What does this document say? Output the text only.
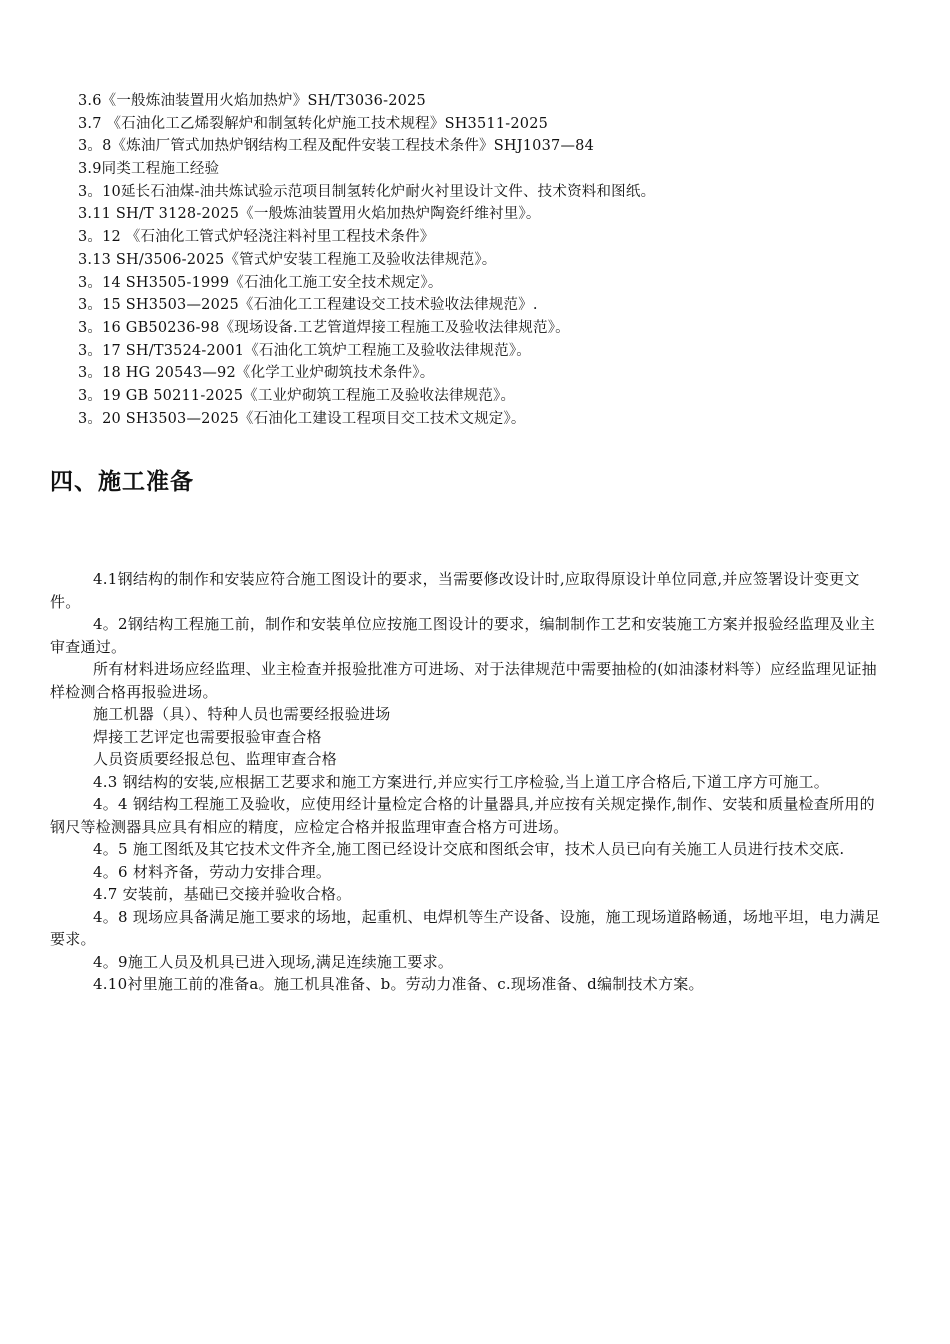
3.6《一般炼油装置用火焰加热炉》SH/T3036-2025
3.7 《石油化工乙烯裂解炉和制氢转化炉施工技术规程》SH3511-2025
3。8《炼油厂管式加热炉钢结构工程及配件安装工程技术条件》SHJ1037—84
3.9同类工程施工经验
3。10延长石油煤-油共炼试验示范项目制氢转化炉耐火衬里设计文件、技术资料和图纸。
3.11 SH/T 3128-2025《一般炼油装置用火焰加热炉陶瓷纤维衬里》。
3。12 《石油化工管式炉轻浇注料衬里工程技术条件》
3.13 SH/3506-2025《管式炉安装工程施工及验收法律规范》。
3。14 SH3505-1999《石油化工施工安全技术规定》。
3。15 SH3503—2025《石油化工工程建设交工技术验收法律规范》.
3。16 GB50236-98《现场设备.工艺管道焊接工程施工及验收法律规范》。
3。17 SH/T3524-2001《石油化工筑炉工程施工及验收法律规范》。
3。18 HG 20543—92《化学工业炉砌筑技术条件》。
3。19 GB 50211-2025《工业炉砌筑工程施工及验收法律规范》。
3。20 SH3503—2025《石油化工建设工程项目交工技术文规定》。
四、施工准备

4.1钢结构的制作和安装应符合施工图设计的要求，当需要修改设计时,应取得原设计单位同意,并应签署设计变更文件。

4。2钢结构工程施工前，制作和安装单位应按施工图设计的要求，编制制作工艺和安装施工方案并报验经监理及业主审查通过。

所有材料进场应经监理、业主检查并报验批准方可进场、对于法律规范中需要抽检的(如油漆材料等）应经监理见证抽样检测合格再报验进场。

施工机器（具）、特种人员也需要经报验进场

焊接工艺评定也需要报验审查合格

人员资质要经报总包、监理审查合格

4.3 钢结构的安装,应根据工艺要求和施工方案进行,并应实行工序检验,当上道工序合格后,下道工序方可施工。

4。4 钢结构工程施工及验收，应使用经计量检定合格的计量器具,并应按有关规定操作,制作、安装和质量检查所用的钢尺等检测器具应具有相应的精度，应检定合格并报监理审查合格方可进场。

4。5 施工图纸及其它技术文件齐全,施工图已经设计交底和图纸会审，技术人员已向有关施工人员进行技术交底.

4。6 材料齐备，劳动力安排合理。

4.7 安装前，基础已交接并验收合格。

4。8 现场应具备满足施工要求的场地，起重机、电焊机等生产设备、设施，施工现场道路畅通，场地平坦，电力满足要求。

4。9施工人员及机具已进入现场,满足连续施工要求。

4.10衬里施工前的准备a。施工机具准备、b。劳动力准备、c.现场准备、d编制技术方案。
